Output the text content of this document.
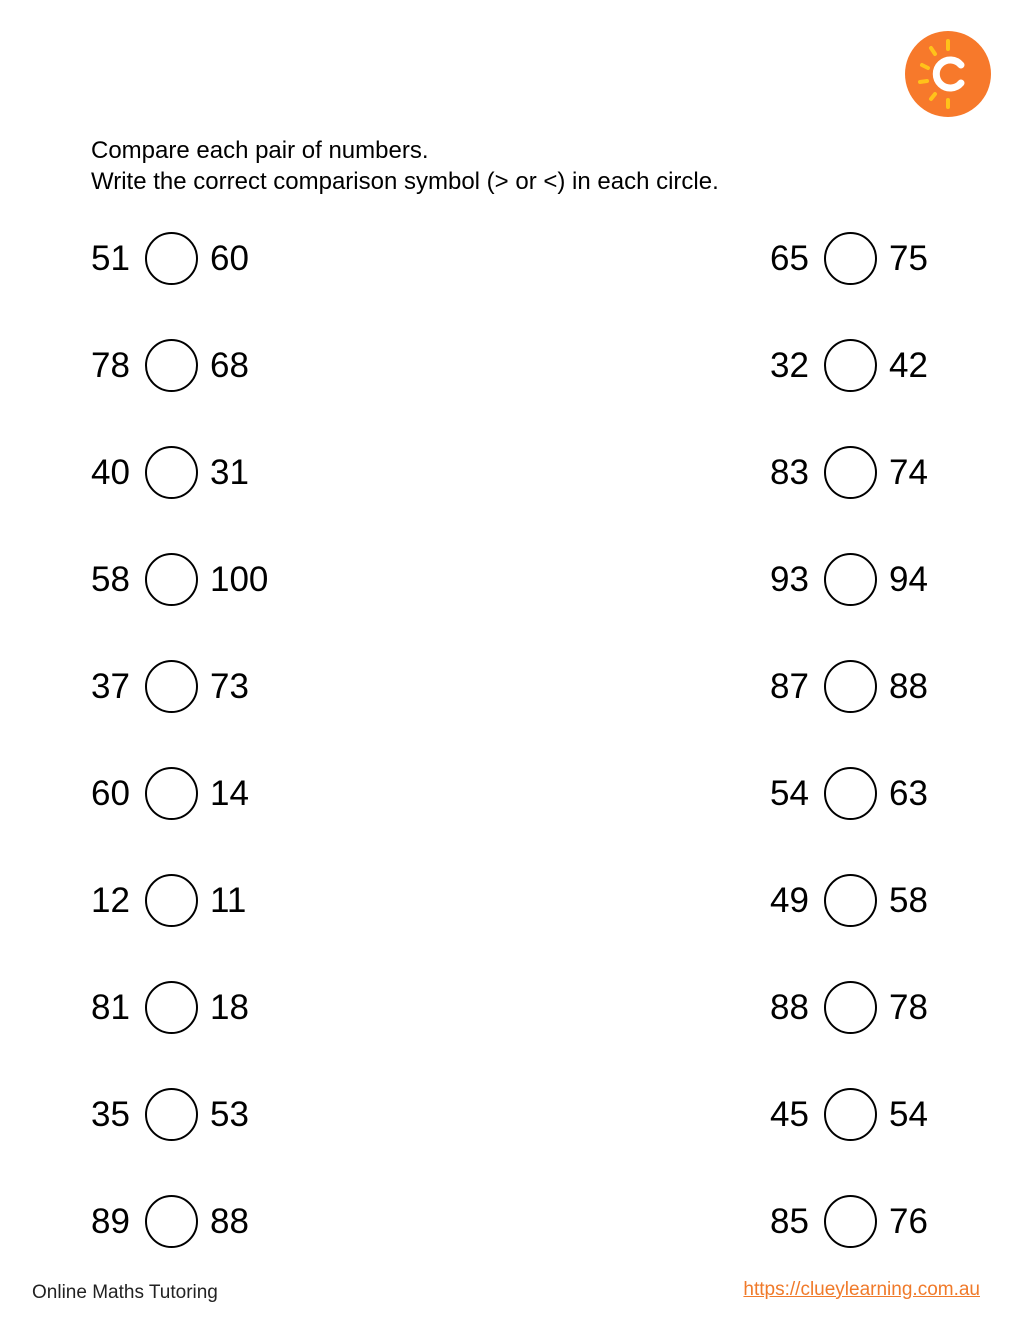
Compare each pair of numbers.
Write the correct comparison symbol (> or <) in each circle.
51 60
78 68
40 31
58 100
37 73
60 14
12 11
81 18
35 53
89 88
65 75
32 42
83 74
93 94
87 88
54 63
49 58
88 78
45 54
85 76
Online Maths Tutoring	https://clueylearning.com.au
